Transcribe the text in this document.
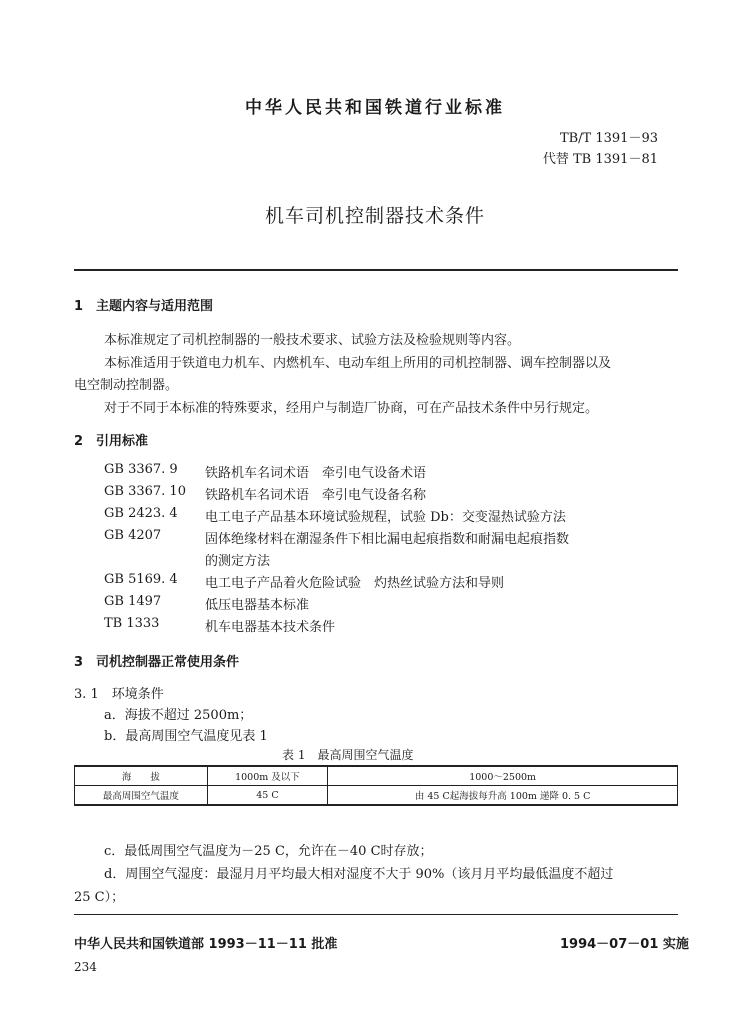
中华人民共和国铁道行业标准
TB/T 1391－93
代替 TB 1391－81
机车司机控制器技术条件
1　主题内容与适用范围
本标准规定了司机控制器的一般技术要求、试验方法及检验规则等内容。
本标准适用于铁道电力机车、内燃机车、电动车组上所用的司机控制器、调车控制器以及
电空制动控制器。
对于不同于本标准的特殊要求，经用户与制造厂协商，可在产品技术条件中另行规定。
2　引用标准
GB 3367. 9 铁路机车名词术语　牵引电气设备术语
GB 3367. 10 铁路机车名词术语　牵引电气设备名称
GB 2423. 4 电工电子产品基本环境试验规程，试验 Db：交变湿热试验方法
GB 4207	固体绝缘材料在潮湿条件下相比漏电起痕指数和耐漏电起痕指数
的测定方法
GB 5169. 4 电工电子产品着火危险试验　灼热丝试验方法和导则
GB 1497	低压电器基本标准
TB 1333	机车电器基本技术条件
3　司机控制器正常使用条件
3. 1　环境条件
a．海拔不超过 2500m；
b．最高周围空气温度见表 1
表 1　最高周围空气温度
海　　拔	1000m 及以下	1000～2500m
最高周围空气温度	45 C	由 45 C起海拔每升高 100m 递降 0. 5 C
c．最低周围空气温度为－25 C，允许在－40 C时存放；
d．周围空气湿度：最湿月月平均最大相对湿度不大于 90%（该月月平均最低温度不超过
25 C）；
中华人民共和国铁道部 1993－11－11 批准	1994－07－01 实施
234
